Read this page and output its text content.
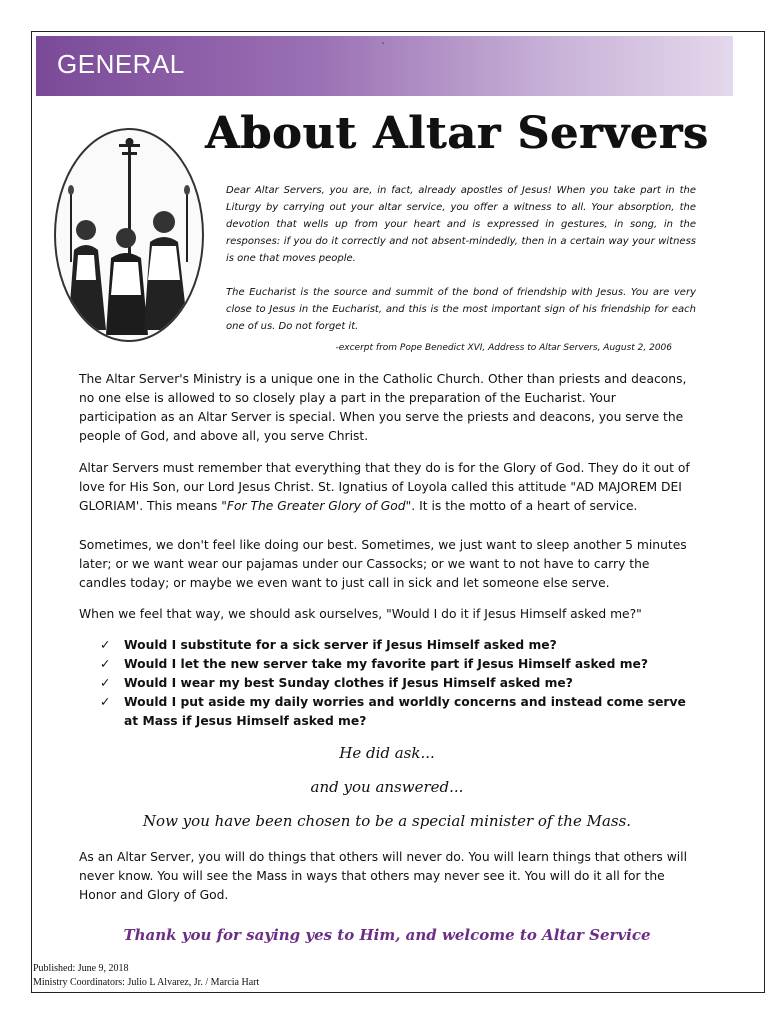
GENERAL
`
About Altar Servers

Dear Altar Servers, you are, in fact, already apostles of Jesus! When you take part in the Liturgy by carrying out your altar service, you offer a witness to all. Your absorption, the devotion that wells up from your heart and is expressed in gestures, in song, in the responses: if you do it correctly and not absent-mindedly, then in a certain way your witness is one that moves people.

The Eucharist is the source and summit of the bond of friendship with Jesus. You are very close to Jesus in the Eucharist, and this is the most important sign of his friendship for each one of us. Do not forget it.

-excerpt from Pope Benedict XVI, Address to Altar Servers, August 2, 2006
The Altar Server's Ministry is a unique one in the Catholic Church. Other than priests and deacons, no one else is allowed to so closely play a part in the preparation of the Eucharist. Your participation as an Altar Server is special. When you serve the priests and deacons, you serve the people of God, and above all, you serve Christ.
Altar Servers must remember that everything that they do is for the Glory of God. They do it out of love for His Son, our Lord Jesus Christ. St. Ignatius of Loyola called this attitude "AD MAJOREM DEI GLORIAM'. This means "For The Greater Glory of God". It is the motto of a heart of service.
Sometimes, we don't feel like doing our best. Sometimes, we just want to sleep another 5 minutes later; or we want wear our pajamas under our Cassocks; or we want to not have to carry the candles today; or maybe we even want to just call in sick and let someone else serve.
When we feel that way, we should ask ourselves, "Would I do it if Jesus Himself asked me?"
✓ Would I substitute for a sick server if Jesus Himself asked me?
✓ Would I let the new server take my favorite part if Jesus Himself asked me?
✓ Would I wear my best Sunday clothes if Jesus Himself asked me?
✓ Would I put aside my daily worries and worldly concerns and instead come serve at Mass if Jesus Himself asked me?
He did ask...
and you answered...
Now you have been chosen to be a special minister of the Mass.
As an Altar Server, you will do things that others will never do. You will learn things that others will never know. You will see the Mass in ways that others may never see it. You will do it all for the Honor and Glory of God.
Thank you for saying yes to Him, and welcome to Altar Service
Published: June 9, 2018
Ministry Coordinators: Julio L Alvarez, Jr. / Marcia Hart
